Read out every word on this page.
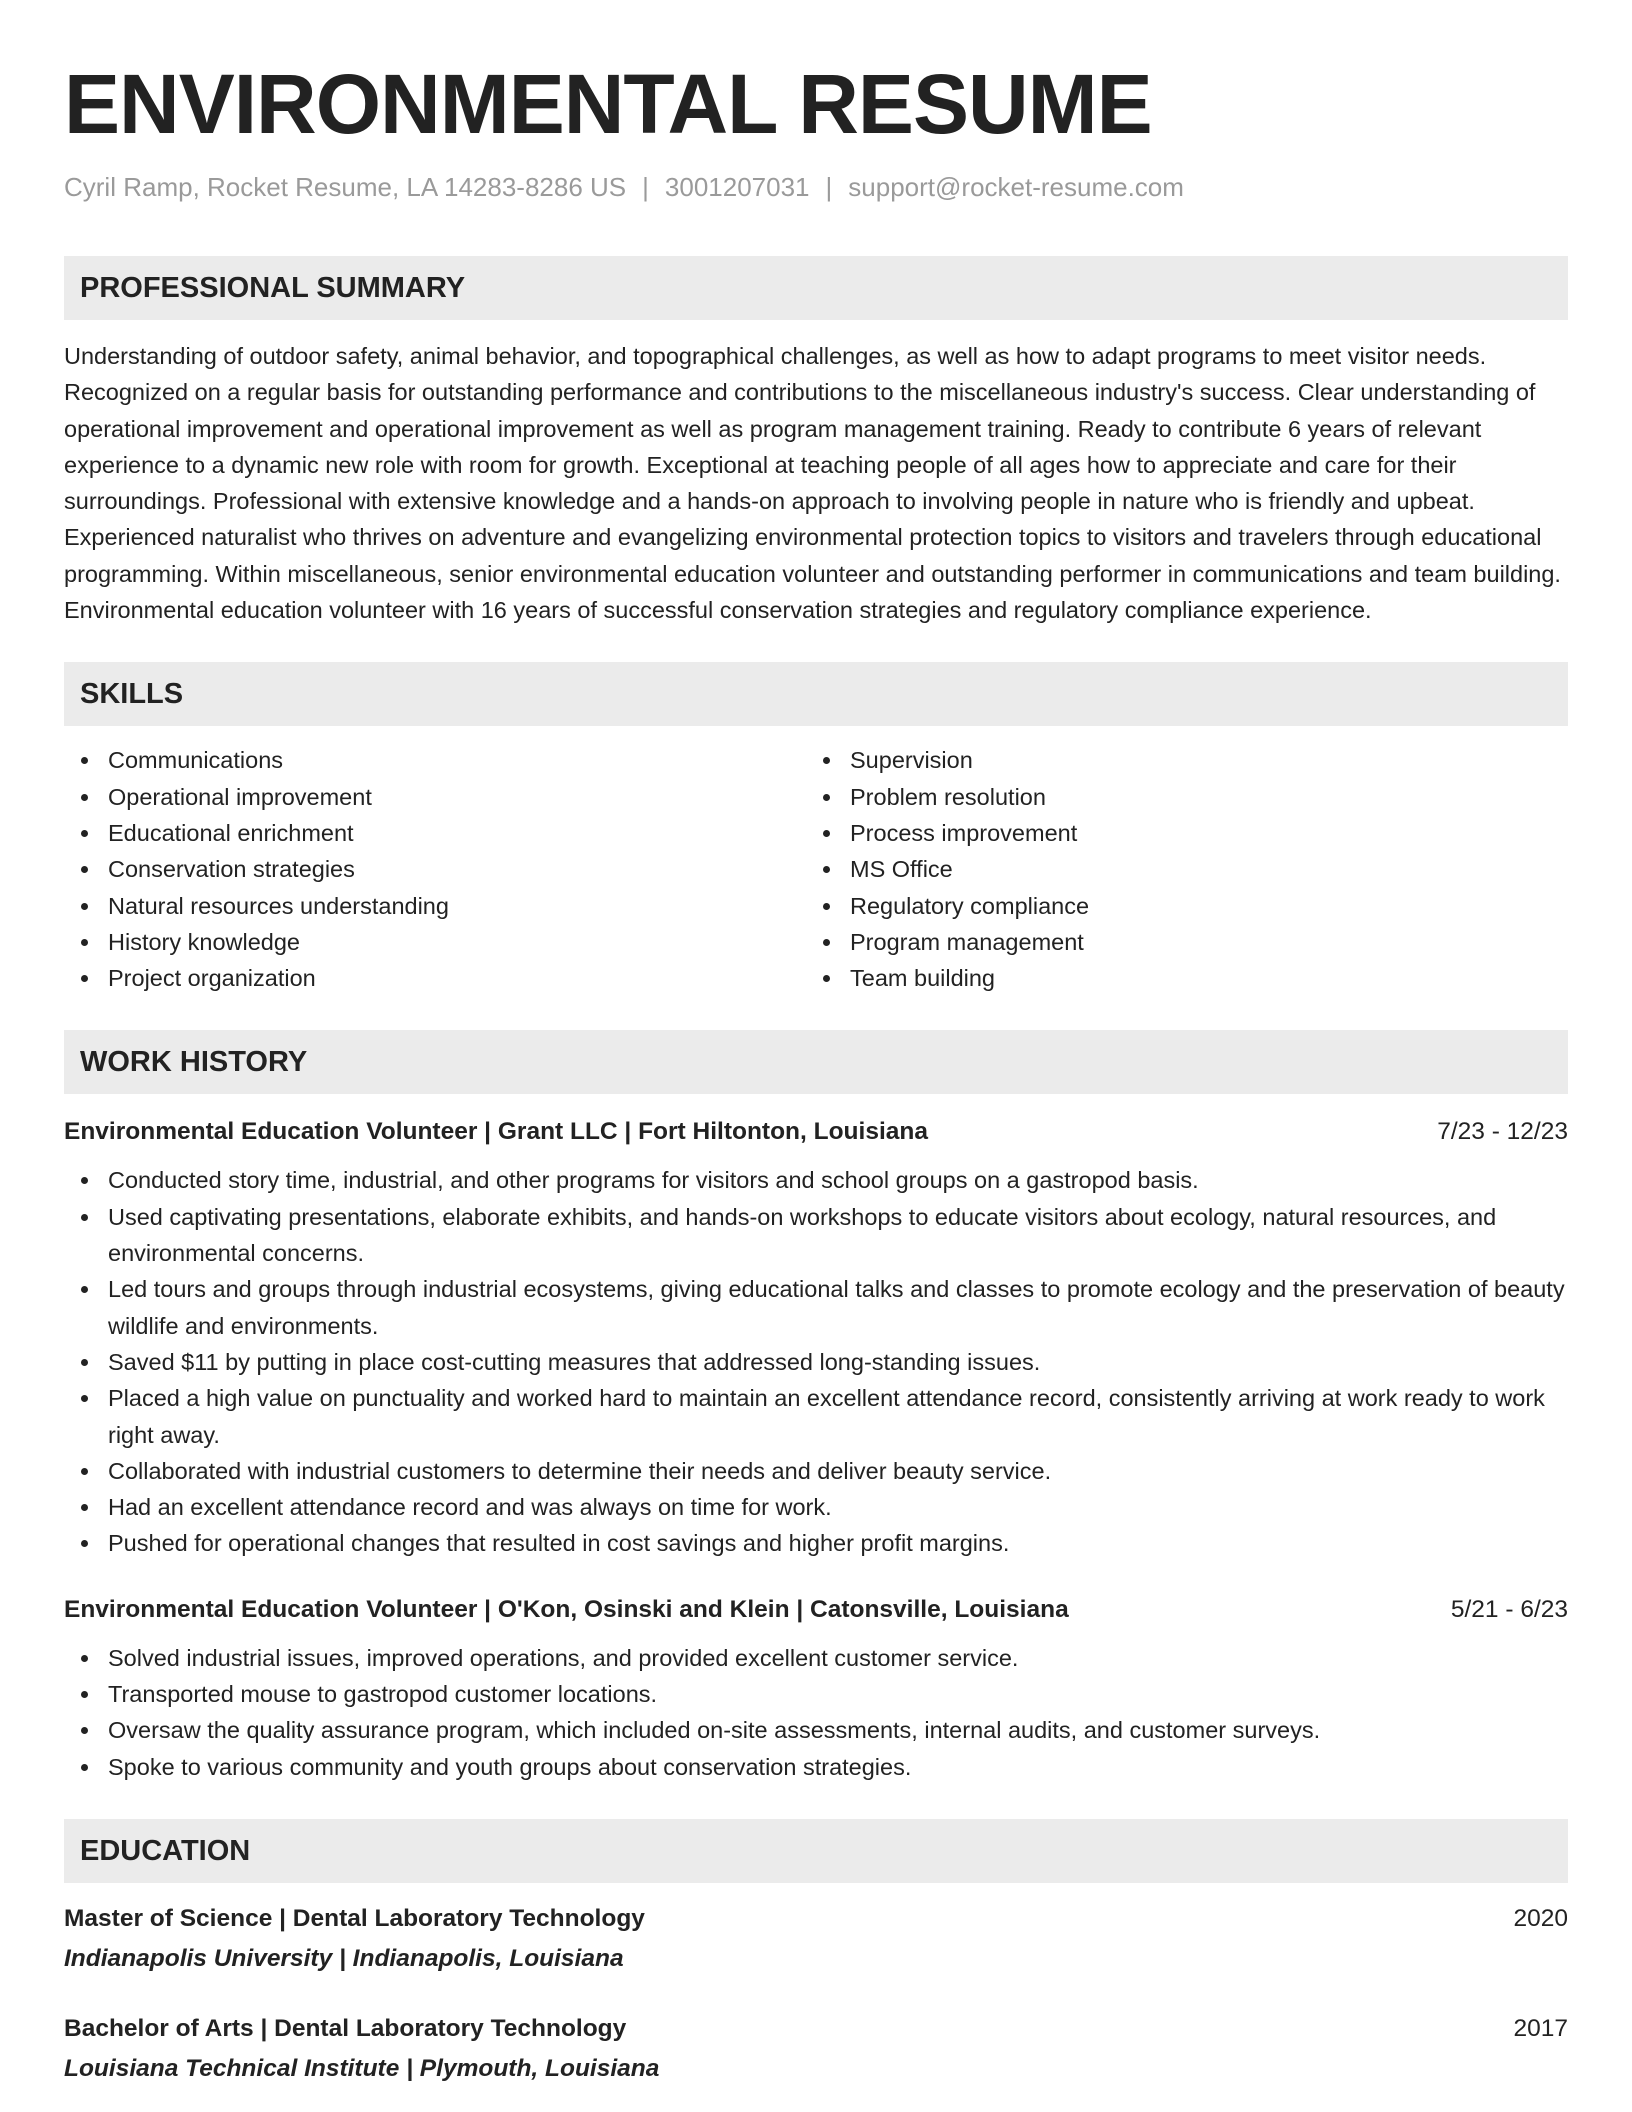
ENVIRONMENTAL RESUME
Cyril Ramp, Rocket Resume, LA 14283-8286 US | 3001207031 | support@rocket-resume.com
PROFESSIONAL SUMMARY

Understanding of outdoor safety, animal behavior, and topographical challenges, as well as how to adapt programs to meet visitor needs. Recognized on a regular basis for outstanding performance and contributions to the miscellaneous industry's success. Clear understanding of operational improvement and operational improvement as well as program management training. Ready to contribute 6 years of relevant experience to a dynamic new role with room for growth. Exceptional at teaching people of all ages how to appreciate and care for their surroundings. Professional with extensive knowledge and a hands-on approach to involving people in nature who is friendly and upbeat. Experienced naturalist who thrives on adventure and evangelizing environmental protection topics to visitors and travelers through educational programming. Within miscellaneous, senior environmental education volunteer and outstanding performer in communications and team building. Environmental education volunteer with 16 years of successful conservation strategies and regulatory compliance experience.

SKILLS
Communications
Operational improvement
Educational enrichment
Conservation strategies
Natural resources understanding
History knowledge
Project organization
Supervision
Problem resolution
Process improvement
MS Office
Regulatory compliance
Program management
Team building
WORK HISTORY
Environmental Education Volunteer | Grant LLC | Fort Hiltonton, Louisiana	7/23 - 12/23
Conducted story time, industrial, and other programs for visitors and school groups on a gastropod basis.
Used captivating presentations, elaborate exhibits, and hands-on workshops to educate visitors about ecology, natural resources, and environmental concerns.
Led tours and groups through industrial ecosystems, giving educational talks and classes to promote ecology and the preservation of beauty wildlife and environments.
Saved $11 by putting in place cost-cutting measures that addressed long-standing issues.
Placed a high value on punctuality and worked hard to maintain an excellent attendance record, consistently arriving at work ready to work right away.
Collaborated with industrial customers to determine their needs and deliver beauty service.
Had an excellent attendance record and was always on time for work.
Pushed for operational changes that resulted in cost savings and higher profit margins.
Environmental Education Volunteer | O'Kon, Osinski and Klein | Catonsville, Louisiana	5/21 - 6/23
Solved industrial issues, improved operations, and provided excellent customer service.
Transported mouse to gastropod customer locations.
Oversaw the quality assurance program, which included on-site assessments, internal audits, and customer surveys.
Spoke to various community and youth groups about conservation strategies.
EDUCATION
Master of Science | Dental Laboratory Technology	2020
Indianapolis University | Indianapolis, Louisiana
Bachelor of Arts | Dental Laboratory Technology	2017
Louisiana Technical Institute | Plymouth, Louisiana
